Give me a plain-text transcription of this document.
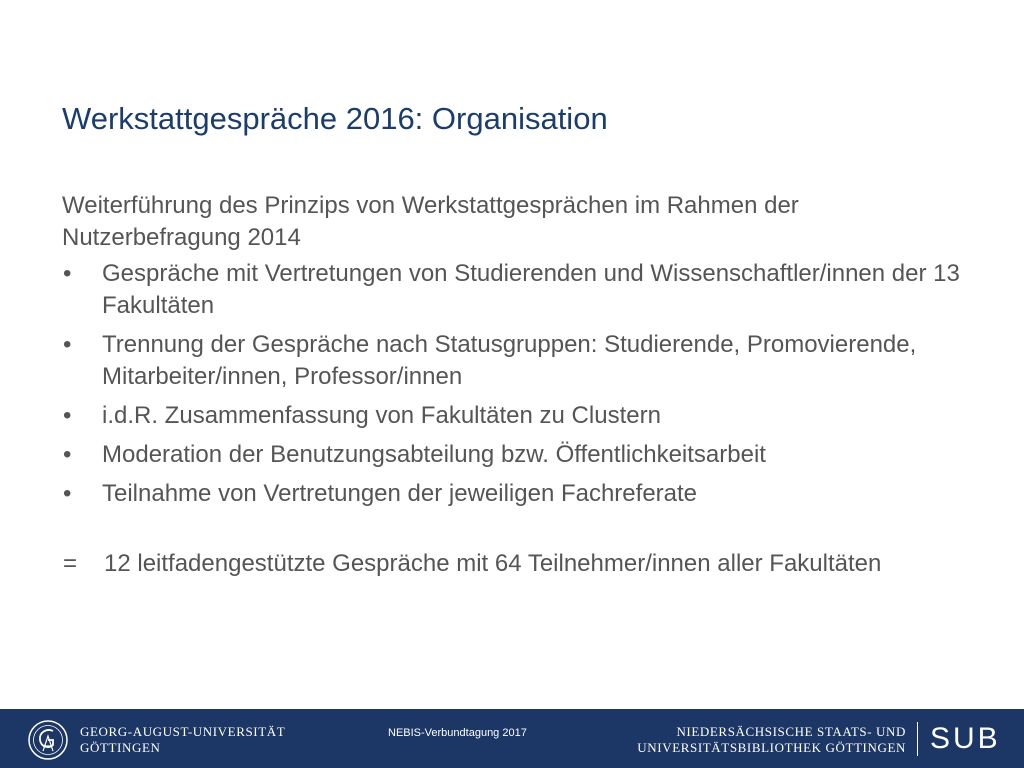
Werkstattgespräche 2016: Organisation

Weiterführung des Prinzips von Werkstattgesprächen im Rahmen der Nutzerbefragung 2014

• Gespräche mit Vertretungen von Studierenden und Wissenschaftler/innen der 13 Fakultäten
• Trennung der Gespräche nach Statusgruppen: Studierende, Promovierende, Mitarbeiter/innen, Professor/innen
• i.d.R. Zusammenfassung von Fakultäten zu Clustern
• Moderation der Benutzungsabteilung bzw. Öffentlichkeitsarbeit
• Teilnahme von Vertretungen der jeweiligen Fachreferate
= 12 leitfadengestützte Gespräche mit 64 Teilnehmer/innen aller Fakultäten
GEORG-AUGUST-UNIVERSITÄT
GÖTTINGEN
NEBIS-Verbundtagung 2017	NIEDERSÄCHSISCHE STAATS- UND
UNIVERSITÄTSBIBLIOTHEK GÖTTINGEN SUB
